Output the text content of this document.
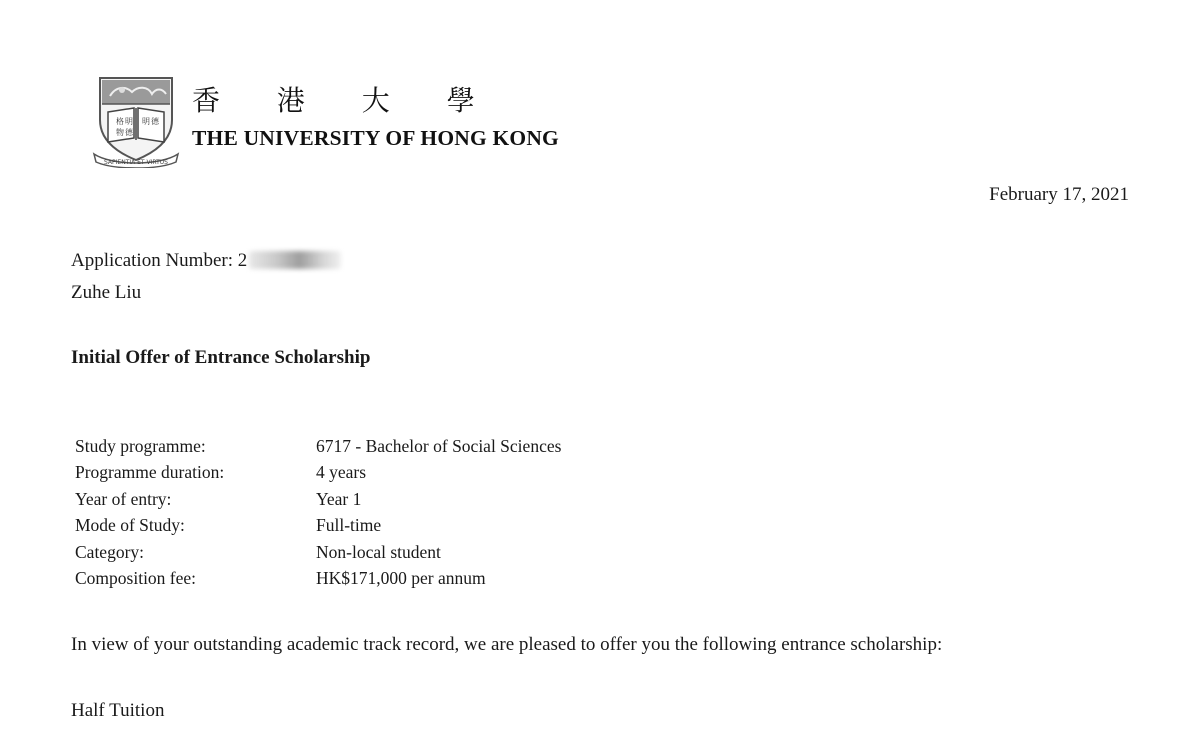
格 明
物 德
明 德
SAPIENTIA ET VIRTUS
香 港 大 學
THE UNIVERSITY OF HONG KONG
February 17, 2021
Application Number: 2
Zuhe Liu
Initial Offer of Entrance Scholarship
Study programme:	6717 - Bachelor of Social Sciences
Programme duration:	4 years
Year of entry:	Year 1
Mode of Study:	Full-time
Category:	Non-local student
Composition fee:	HK$171,000 per annum
In view of your outstanding academic track record, we are pleased to offer you the following entrance scholarship:
Half Tuition
